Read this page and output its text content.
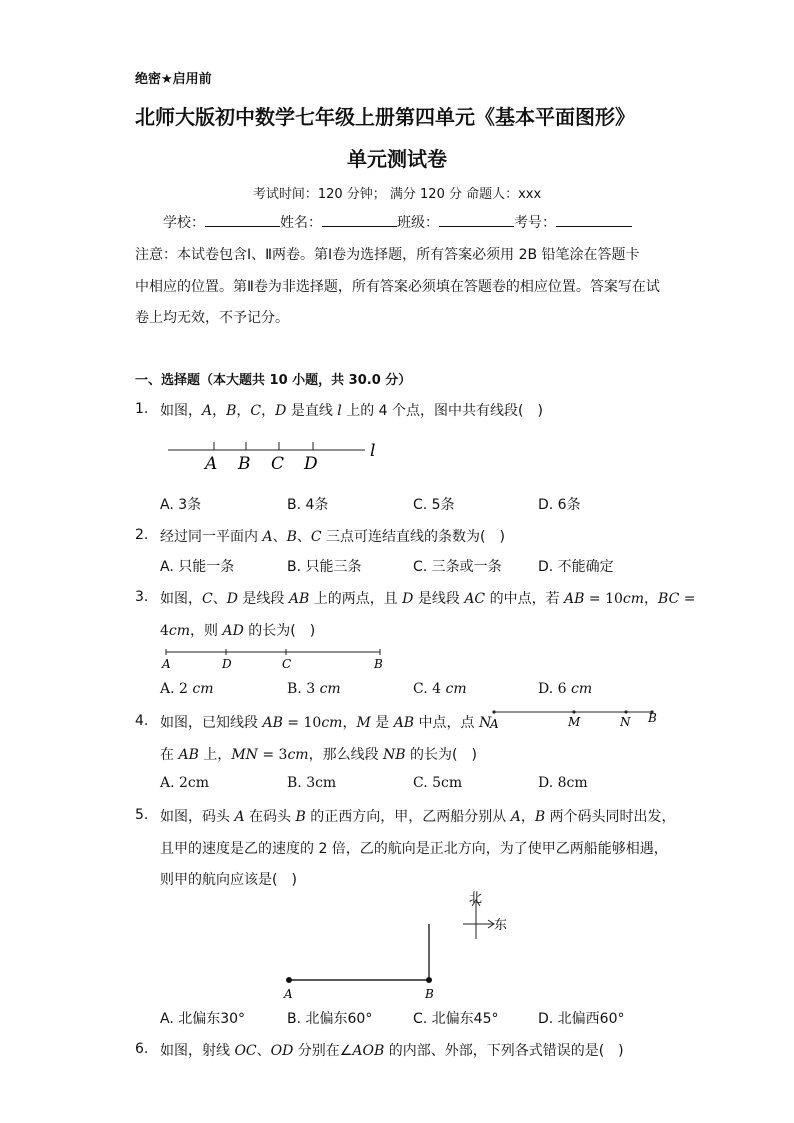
绝密★启用前
北师大版初中数学七年级上册第四单元《基本平面图形》
单元测试卷
考试时间：120 分钟； 满分 120 分 命题人：xxx
学校：	姓名：	班级：	考号：
注意：本试卷包含Ⅰ、Ⅱ两卷。第Ⅰ卷为选择题，所有答案必须用 2B 铅笔涂在答题卡
中相应的位置。第Ⅱ卷为非选择题，所有答案必须填在答题卷的相应位置。答案写在试
卷上均无效，不予记分。
一、选择题（本大题共 10 小题，共 30.0 分）
1. 如图，A，B，C，D 是直线 l 上的 4 个点，图中共有线段(　)
A B C D
l
A. 3条	B. 4条	C. 5条	D. 6条
2. 经过同一平面内 A、B、C 三点可连结直线的条数为(　)
A. 只能一条	B. 只能三条	C. 三条或一条	D. 不能确定
3. 如图，C、D 是线段 AB 上的两点，且 D 是线段 AC 的中点，若 AB = 10cm，BC =
4cm，则 AD 的长为(　)
A	D	C	B
A. 2 cm	B. 3 cm	C. 4 cm	D. 6 cm
4. 如图，已知线段 AB = 10cm，M 是 AB 中点，点 N
在 AB 上，MN = 3cm，那么线段 NB 的长为(　)
A	M	N B
A. 2cm	B. 3cm	C. 5cm	D. 8cm
5. 如图，码头 A 在码头 B 的正西方向，甲，乙两船分别从 A，B 两个码头同时出发，
且甲的速度是乙的速度的 2 倍，乙的航向是正北方向，为了使甲乙两船能够相遇，
则甲的航向应该是(　)
A	B
北
东
A. 北偏东30°	B. 北偏东60°	C. 北偏东45°	D. 北偏西60°
6. 如图，射线 OC、OD 分别在∠AOB 的内部、外部，下列各式错误的是(　)
